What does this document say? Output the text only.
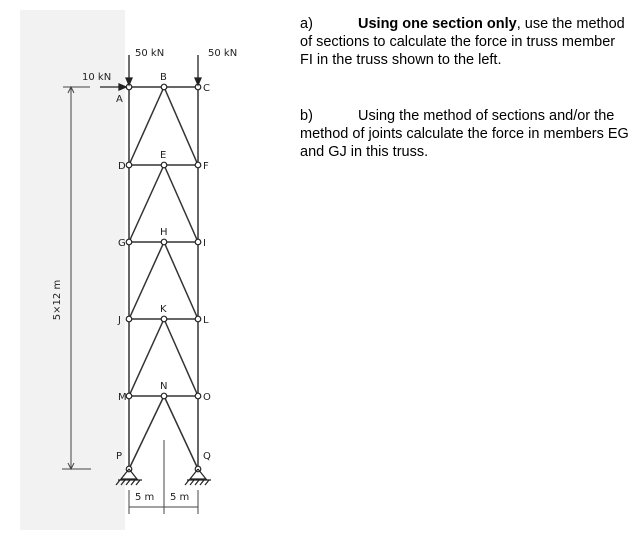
A
B
C
D
E
F
G
H
I
J
K
L
M
N
O
P	Q
50 kN	50 kN
10 kN
5×12 m
5 m 5 m
a)	Using one section only, use the method of sections to calculate the force in truss member FI in the truss shown to the left.
b)	Using the method of sections and/or the method of joints calculate the force in members EG and GJ in this truss.
